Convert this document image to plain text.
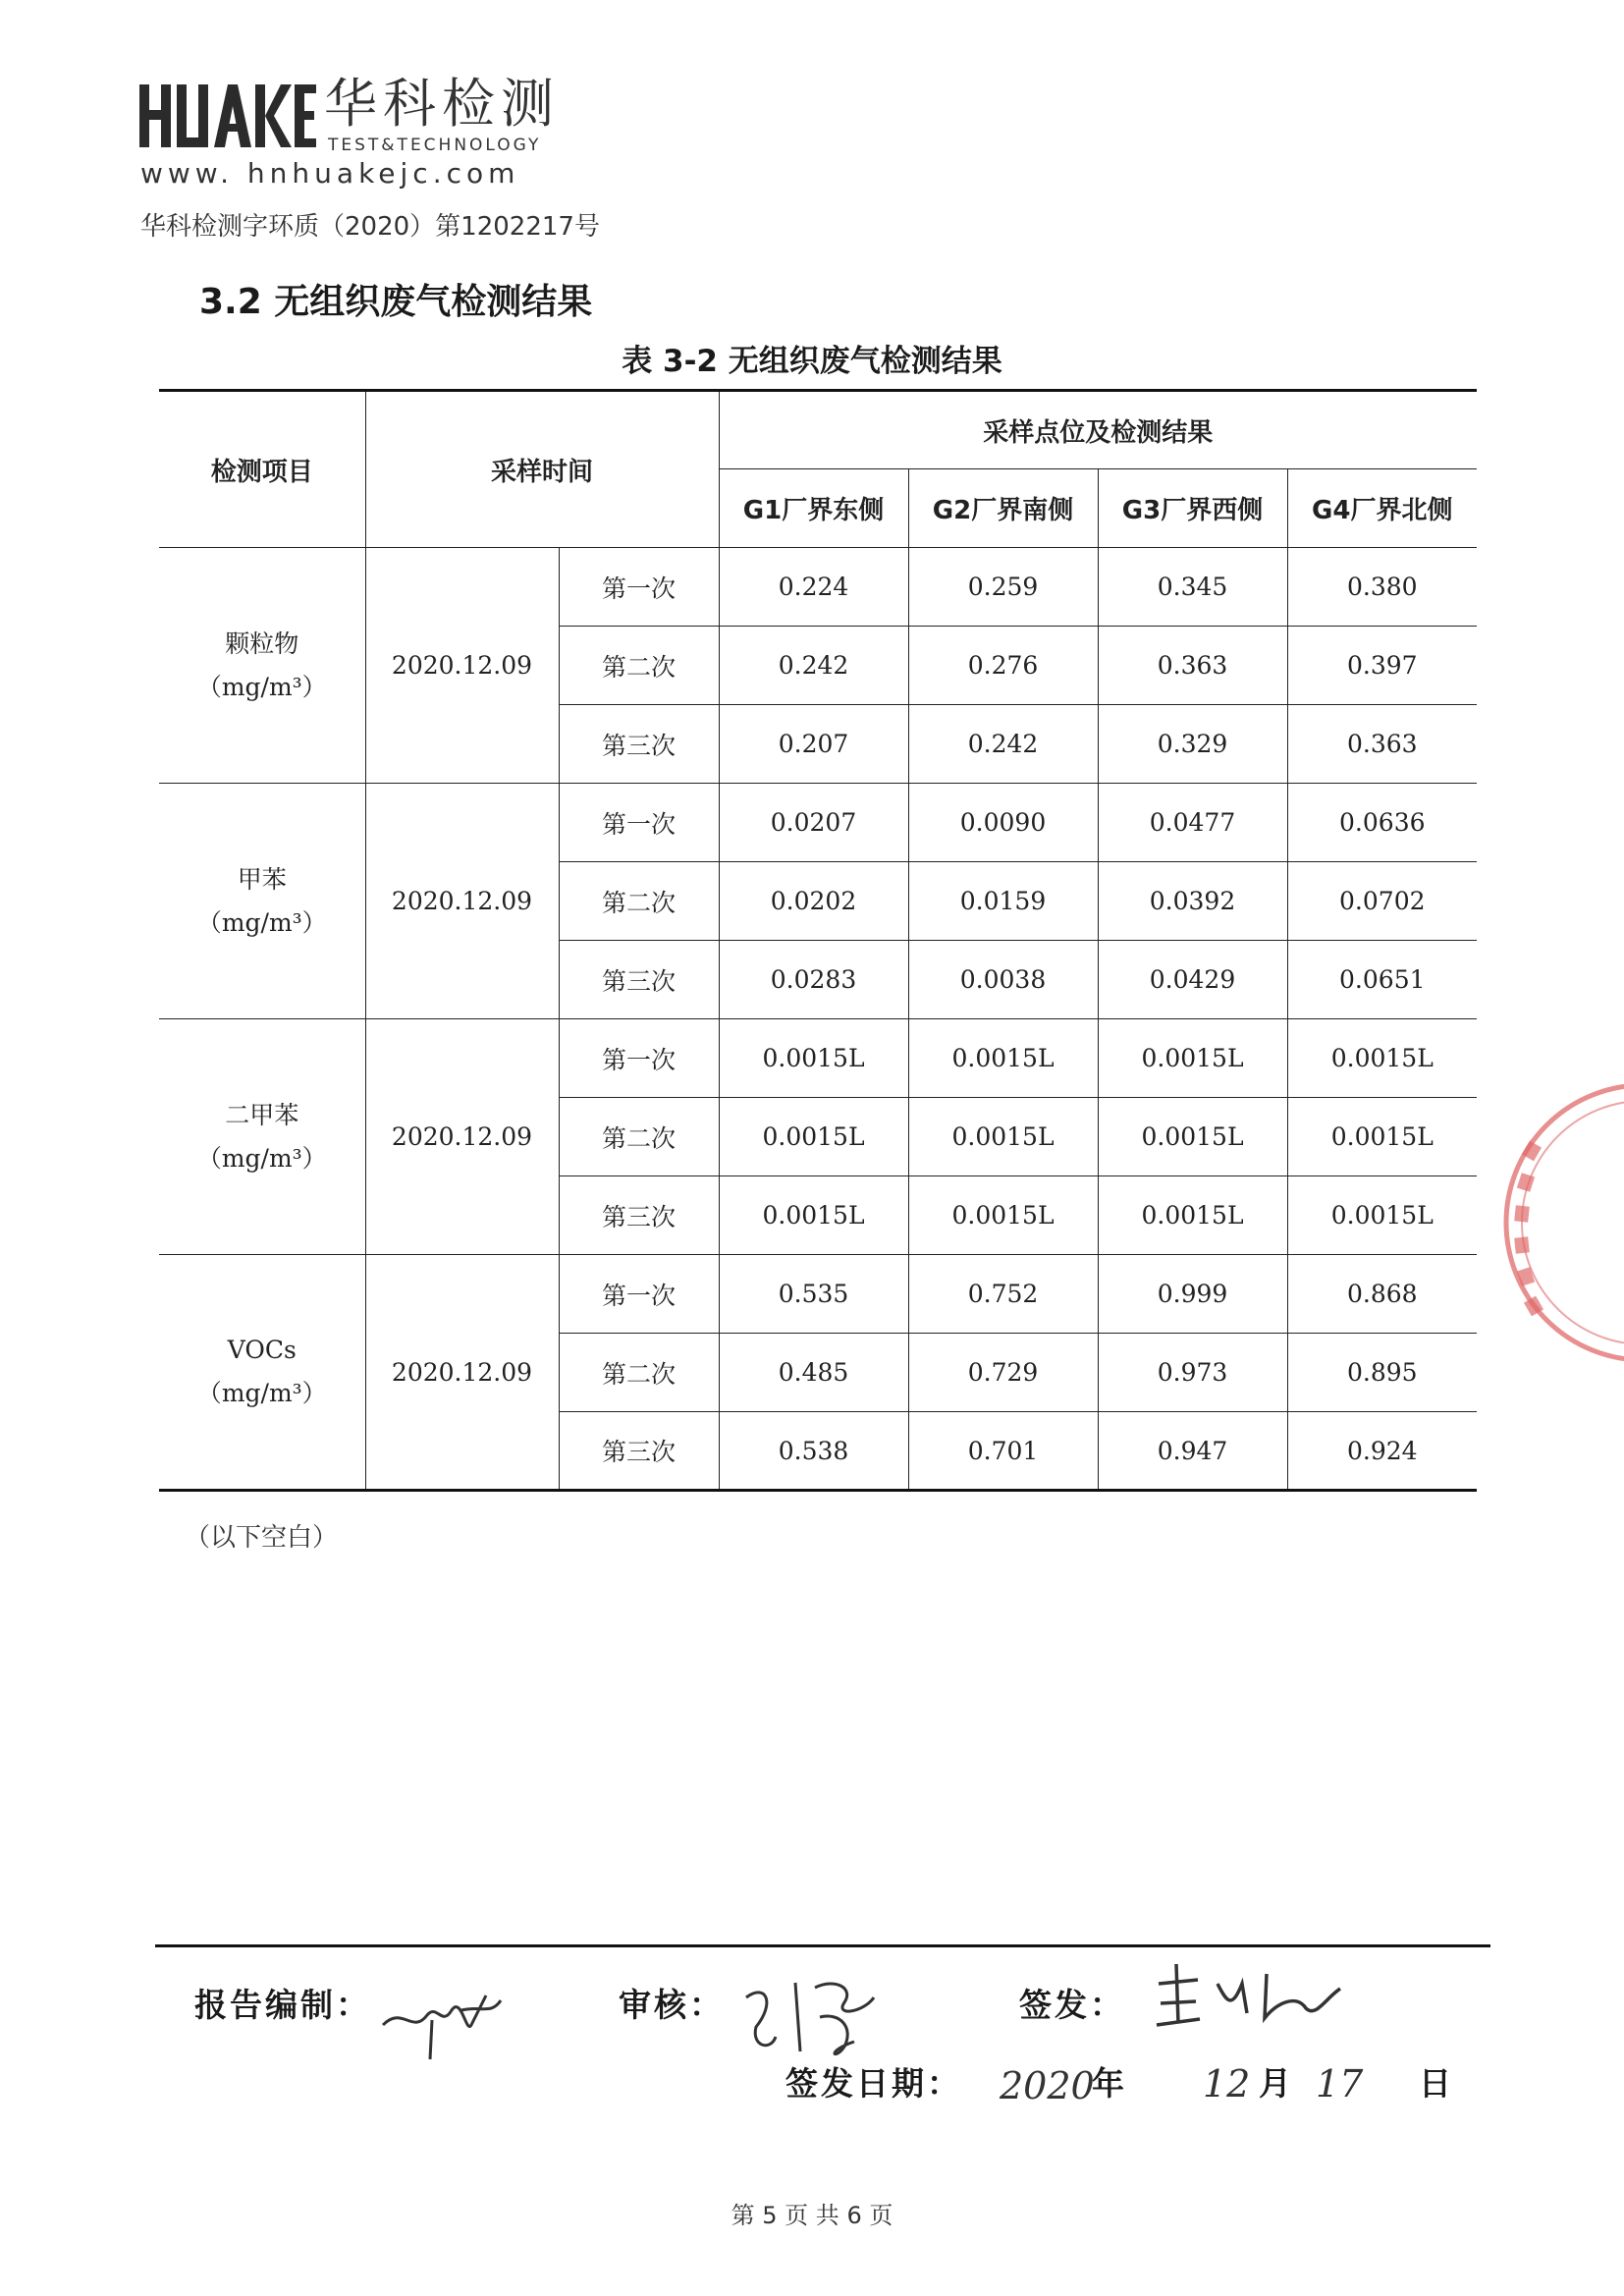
华科检测
TEST&TECHNOLOGY
www. hnhuakejc.com
华科检测字环质（2020）第1202217号
3.2 无组织废气检测结果
表 3-2 无组织废气检测结果
检测项目	采样时间		采样点位及检测结果			
			G1厂界东侧	G2厂界南侧	G3厂界西侧	G4厂界北侧

颗粒物
（mg/m³）	2020.12.09	第一次	0.224	0.259	0.345	0.380
		第二次	0.242	0.276	0.363	0.397
		第三次	0.207	0.242	0.329	0.363

甲苯
（mg/m³）	2020.12.09	第一次	0.0207	0.0090	0.0477	0.0636
		第二次	0.0202	0.0159	0.0392	0.0702
		第三次	0.0283	0.0038	0.0429	0.0651

二甲苯
（mg/m³）	2020.12.09	第一次	0.0015L	0.0015L	0.0015L	0.0015L
		第二次	0.0015L	0.0015L	0.0015L	0.0015L
		第三次	0.0015L	0.0015L	0.0015L	0.0015L

VOCs
（mg/m³）	2020.12.09	第一次	0.535	0.752	0.999	0.868
		第二次	0.485	0.729	0.973	0.895
		第三次	0.538	0.701	0.947	0.924
（以下空白）
报告编制：	审核：	签发：
签发日期： 2020
年 12 月 17 日
第 5 页 共 6 页
